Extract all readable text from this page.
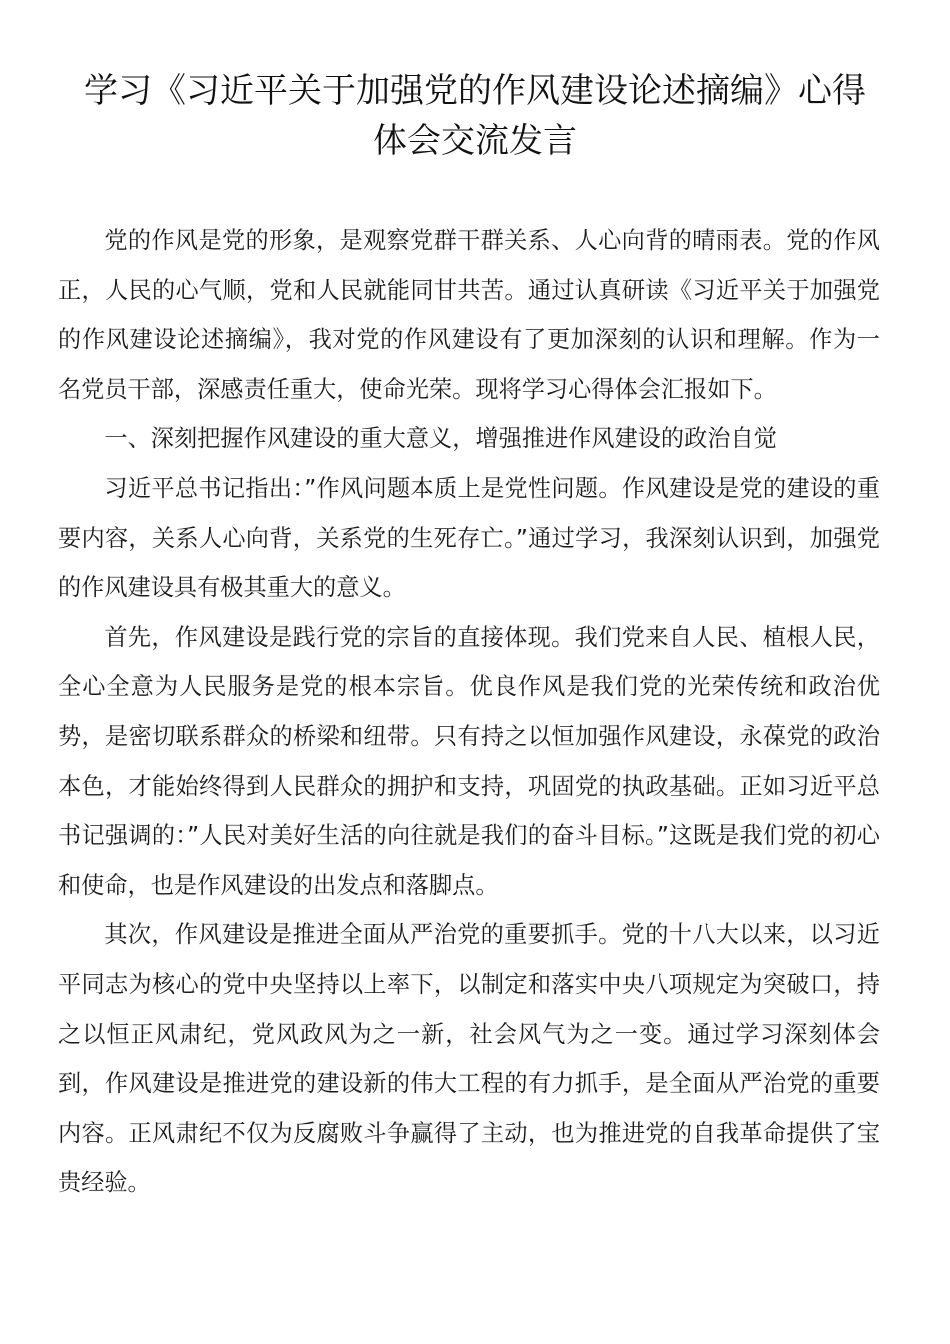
学习《习近平关于加强党的作风建设论述摘编》心得
体会交流发言

党的作风是党的形象，是观察党群干群关系、人心向背的晴雨表。党的作风正，人民的心气顺，党和人民就能同甘共苦。通过认真研读《习近平关于加强党的作风建设论述摘编》，我对党的作风建设有了更加深刻的认识和理解。作为一名党员干部，深感责任重大，使命光荣。现将学习心得体会汇报如下。

一、深刻把握作风建设的重大意义，增强推进作风建设的政治自觉

习近平总书记指出：”作风问题本质上是党性问题。作风建设是党的建设的重要内容，关系人心向背，关系党的生死存亡。”通过学习，我深刻认识到，加强党的作风建设具有极其重大的意义。

首先，作风建设是践行党的宗旨的直接体现。我们党来自人民、植根人民，全心全意为人民服务是党的根本宗旨。优良作风是我们党的光荣传统和政治优势，是密切联系群众的桥梁和纽带。只有持之以恒加强作风建设，永葆党的政治本色，才能始终得到人民群众的拥护和支持，巩固党的执政基础。正如习近平总书记强调的：”人民对美好生活的向往就是我们的奋斗目标。”这既是我们党的初心和使命，也是作风建设的出发点和落脚点。

其次，作风建设是推进全面从严治党的重要抓手。党的十八大以来，以习近平同志为核心的党中央坚持以上率下，以制定和落实中央八项规定为突破口，持之以恒正风肃纪，党风政风为之一新，社会风气为之一变。通过学习深刻体会到，作风建设是推进党的建设新的伟大工程的有力抓手，是全面从严治党的重要内容。正风肃纪不仅为反腐败斗争赢得了主动，也为推进党的自我革命提供了宝贵经验。
